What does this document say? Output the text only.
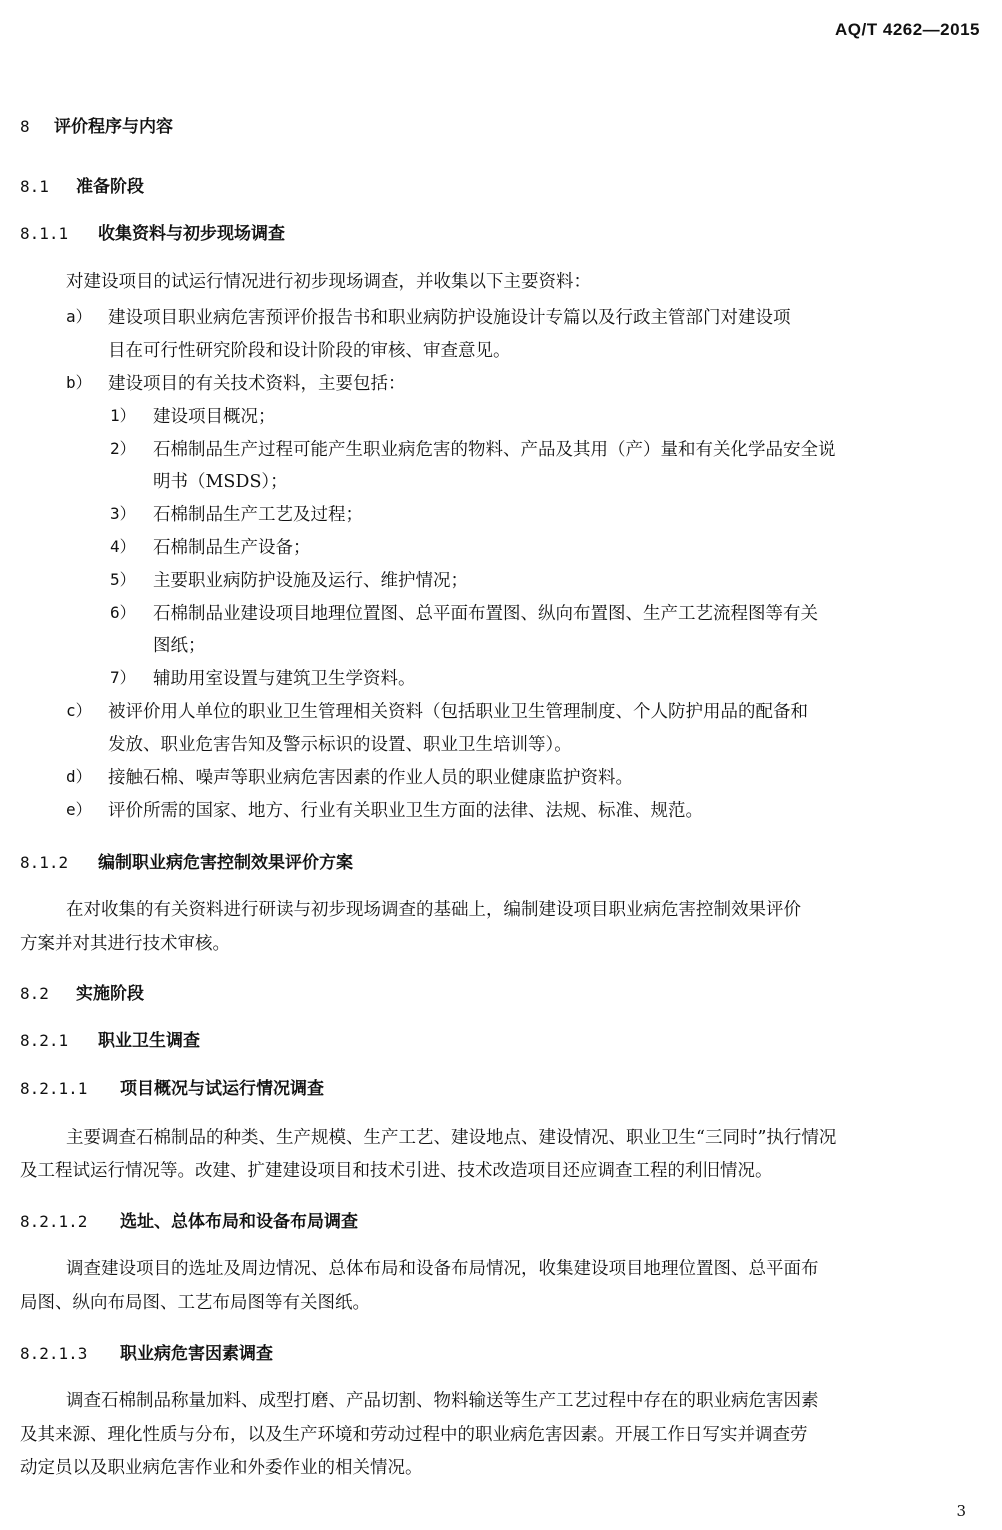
AQ/T 4262—2015
8 评价程序与内容
8.1 准备阶段
8.1.1 收集资料与初步现场调查
对建设项目的试运行情况进行初步现场调查，并收集以下主要资料：
a） 建设项目职业病危害预评价报告书和职业病防护设施设计专篇以及行政主管部门对建设项
目在可行性研究阶段和设计阶段的审核、审查意见。
b） 建设项目的有关技术资料，主要包括：
1） 建设项目概况；
2） 石棉制品生产过程可能产生职业病危害的物料、产品及其用（产）量和有关化学品安全说
明书（MSDS）；
3） 石棉制品生产工艺及过程；
4） 石棉制品生产设备；
5） 主要职业病防护设施及运行、维护情况；
6） 石棉制品业建设项目地理位置图、总平面布置图、纵向布置图、生产工艺流程图等有关
图纸；
7） 辅助用室设置与建筑卫生学资料。
c） 被评价用人单位的职业卫生管理相关资料（包括职业卫生管理制度、个人防护用品的配备和
发放、职业危害告知及警示标识的设置、职业卫生培训等）。
d） 接触石棉、噪声等职业病危害因素的作业人员的职业健康监护资料。
e） 评价所需的国家、地方、行业有关职业卫生方面的法律、法规、标准、规范。
8.1.2 编制职业病危害控制效果评价方案
在对收集的有关资料进行研读与初步现场调查的基础上，编制建设项目职业病危害控制效果评价
方案并对其进行技术审核。
8.2 实施阶段
8.2.1 职业卫生调查
8.2.1.1 项目概况与试运行情况调查
主要调查石棉制品的种类、生产规模、生产工艺、建设地点、建设情况、职业卫生“三同时”执行情况
及工程试运行情况等。改建、扩建建设项目和技术引进、技术改造项目还应调查工程的利旧情况。
8.2.1.2 选址、总体布局和设备布局调查
调查建设项目的选址及周边情况、总体布局和设备布局情况，收集建设项目地理位置图、总平面布
局图、纵向布局图、工艺布局图等有关图纸。
8.2.1.3 职业病危害因素调查
调查石棉制品称量加料、成型打磨、产品切割、物料输送等生产工艺过程中存在的职业病危害因素
及其来源、理化性质与分布，以及生产环境和劳动过程中的职业病危害因素。开展工作日写实并调查劳
动定员以及职业病危害作业和外委作业的相关情况。
3
